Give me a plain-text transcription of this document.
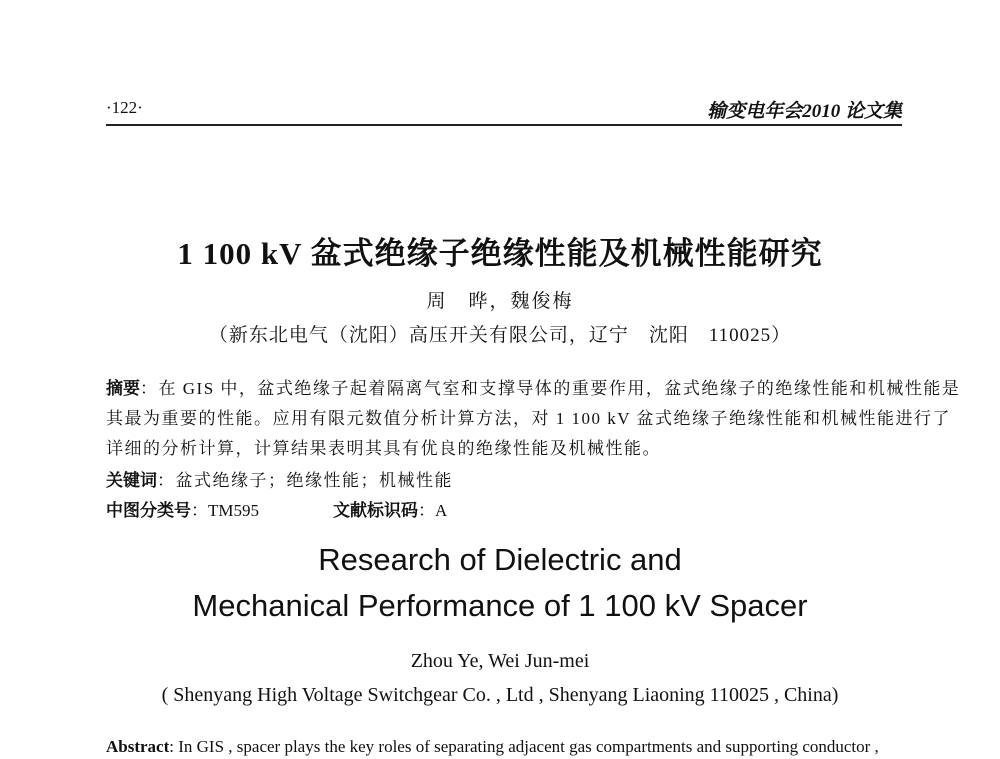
·122·	输变电年会2010 论文集
1 100 kV 盆式绝缘子绝缘性能及机械性能研究
周　晔，魏俊梅
（新东北电气（沈阳）高压开关有限公司，辽宁　沈阳　110025）
摘要：在 GIS 中，盆式绝缘子起着隔离气室和支撑导体的重要作用，盆式绝缘子的绝缘性能和机械性能是
其最为重要的性能。应用有限元数值分析计算方法，对 1 100 kV 盆式绝缘子绝缘性能和机械性能进行了
详细的分析计算，计算结果表明其具有优良的绝缘性能及机械性能。
关键词：盆式绝缘子；绝缘性能；机械性能
中图分类号：TM595	文献标识码：A
Research of Dielectric and
Mechanical Performance of 1 100 kV Spacer
Zhou Ye, Wei Jun-mei
( Shenyang High Voltage Switchgear Co. , Ltd , Shenyang Liaoning 110025 , China)
Abstract: In GIS , spacer plays the key roles of separating adjacent gas compartments and supporting conductor ,
